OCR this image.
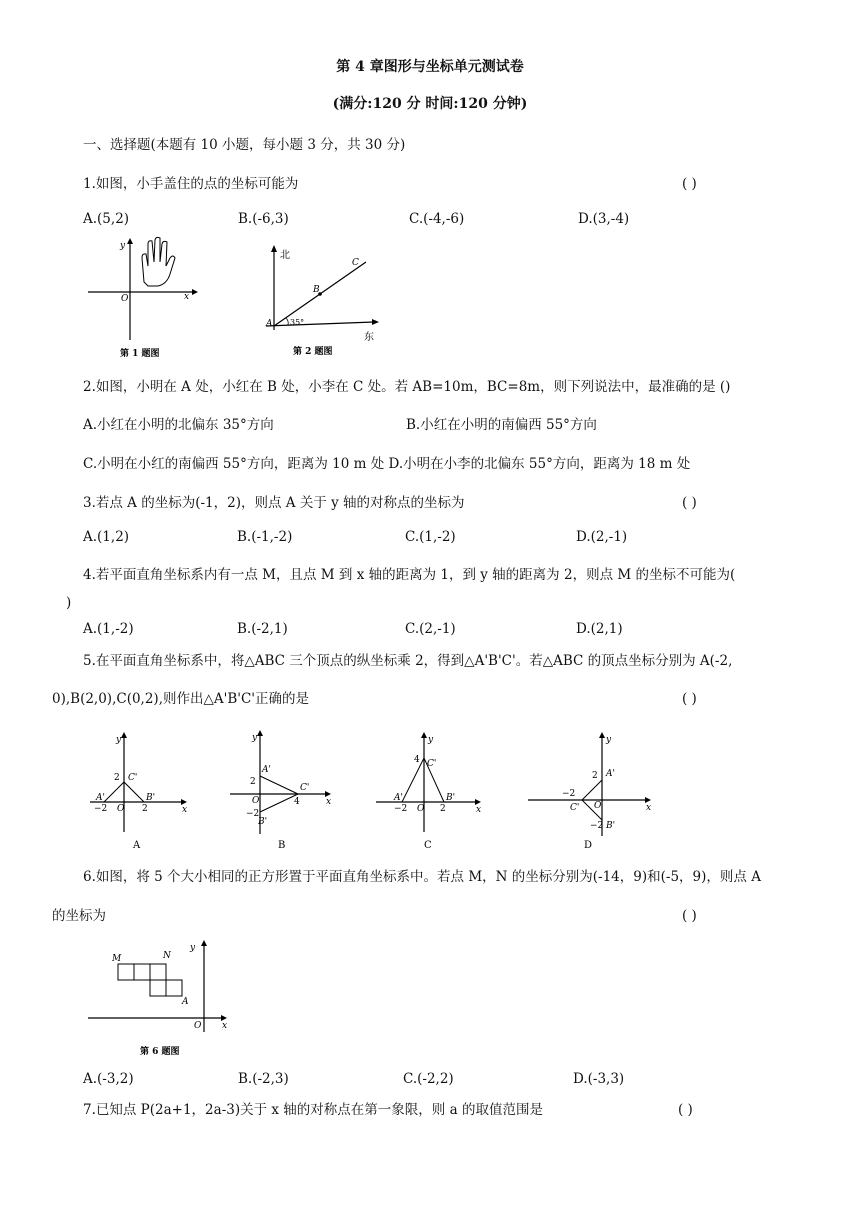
第 4 章图形与坐标单元测试卷
(满分:120 分 时间:120 分钟)
一、选择题(本题有 10 小题，每小题 3 分，共 30 分)
1.如图，小手盖住的点的坐标可能为	( )
A.(5,2)	B.(-6,3)	C.(-4,-6)	D.(3,-4)
y
x
O
第 1 题图
北
东
B
C
A 35°
第 2 题图
2.如图，小明在 A 处，小红在 B 处，小李在 C 处。若 AB=10m，BC=8m，则下列说法中，最准确的是 ()
A.小红在小明的北偏东 35°方向	B.小红在小明的南偏西 55°方向
C.小明在小红的南偏西 55°方向，距离为 10 m 处 D.小明在小李的北偏东 55°方向，距离为 18 m 处
3.若点 A 的坐标为(-1，2)，则点 A 关于 y 轴的对称点的坐标为	( )
A.(1,2)	B.(-1,-2)	C.(1,-2)	D.(2,-1)
4.若平面直角坐标系内有一点 M，且点 M 到 x 轴的距离为 1，到 y 轴的距离为 2，则点 M 的坐标不可能为(
)
A.(1,-2)	B.(-2,1)	C.(2,-1)	D.(2,1)
5.在平面直角坐标系中，将△ABC 三个顶点的纵坐标乘 2，得到△A'B'C'。若△ABC 的顶点坐标分别为 A(-2,
0),B(2,0),C(0,2),则作出△A'B'C'正确的是	( )
y
x
O
2 C'
A'
−2	2
B'
A
y
x
O
2
A'
−2
B'
C'
4
B
y
x
O
4 C'
A'
−2	2
B'
C
y
x
O
2 A'
−2
C'
−2 B'
D
6.如图，将 5 个大小相同的正方形置于平面直角坐标系中。若点 M，N 的坐标分别为(-14，9)和(-5，9)，则点 A
的坐标为	( )
M	N
A
y
x
O
第 6 题图
A.(-3,2)	B.(-2,3)	C.(-2,2)	D.(-3,3)
7.已知点 P(2a+1，2a-3)关于 x 轴的对称点在第一象限，则 a 的取值范围是	( )
